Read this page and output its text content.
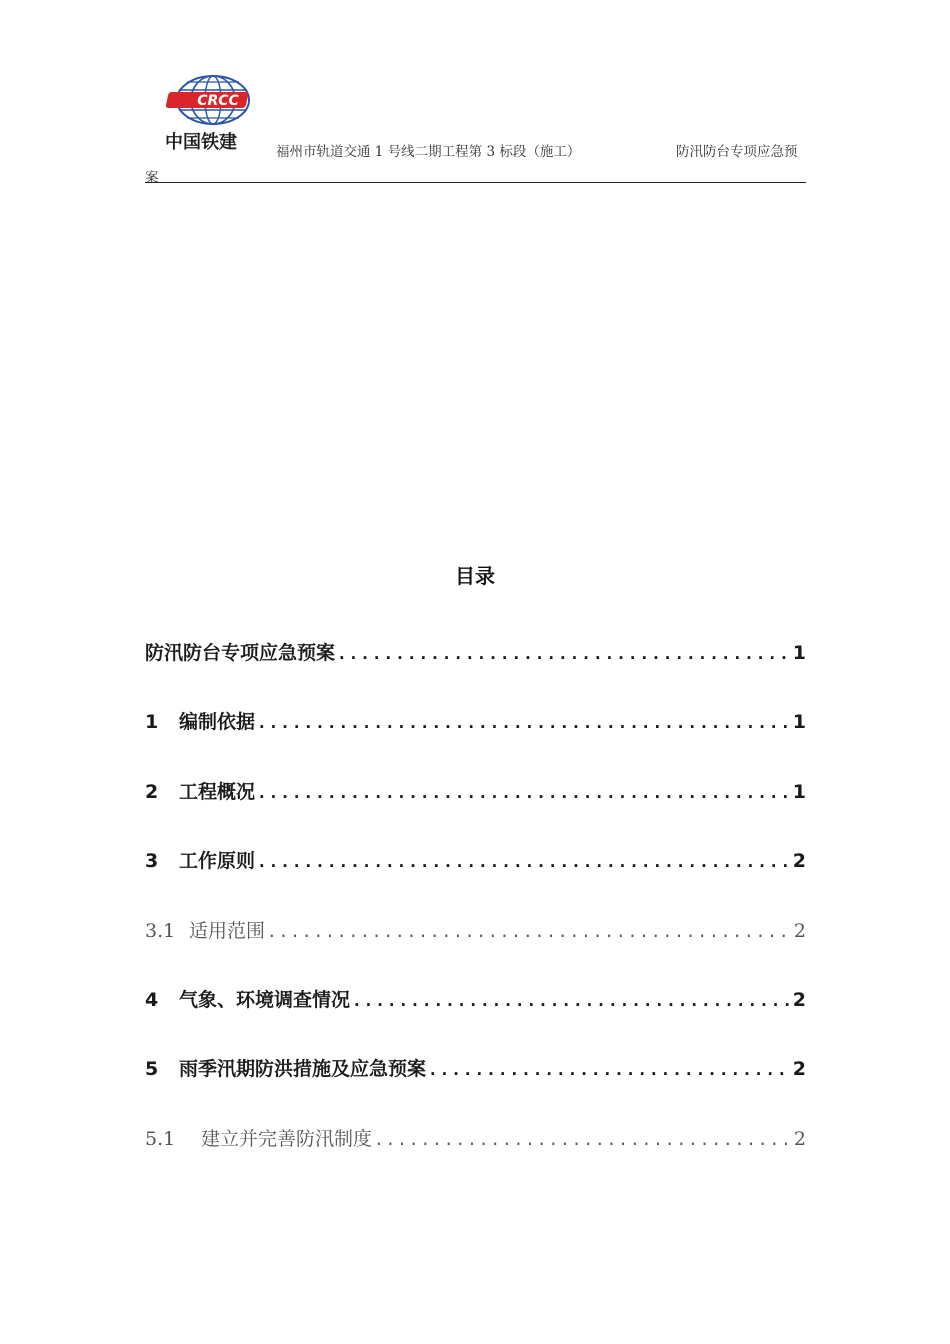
CRCC
中国铁建	福州市轨道交通 1 号线二期工程第 3 标段（施工）	防汛防台专项应急预
案
目录
防汛防台专项应急预案 .....	1
1	编制依据 .....	1
2	工程概况 .....	1
3	工作原则 .....	2
3.1 适用范围 .....	2
4	气象、环境调查情况 .....	2
5	雨季汛期防洪措施及应急预案 .....	2
5.1	建立并完善防汛制度 .....	2
